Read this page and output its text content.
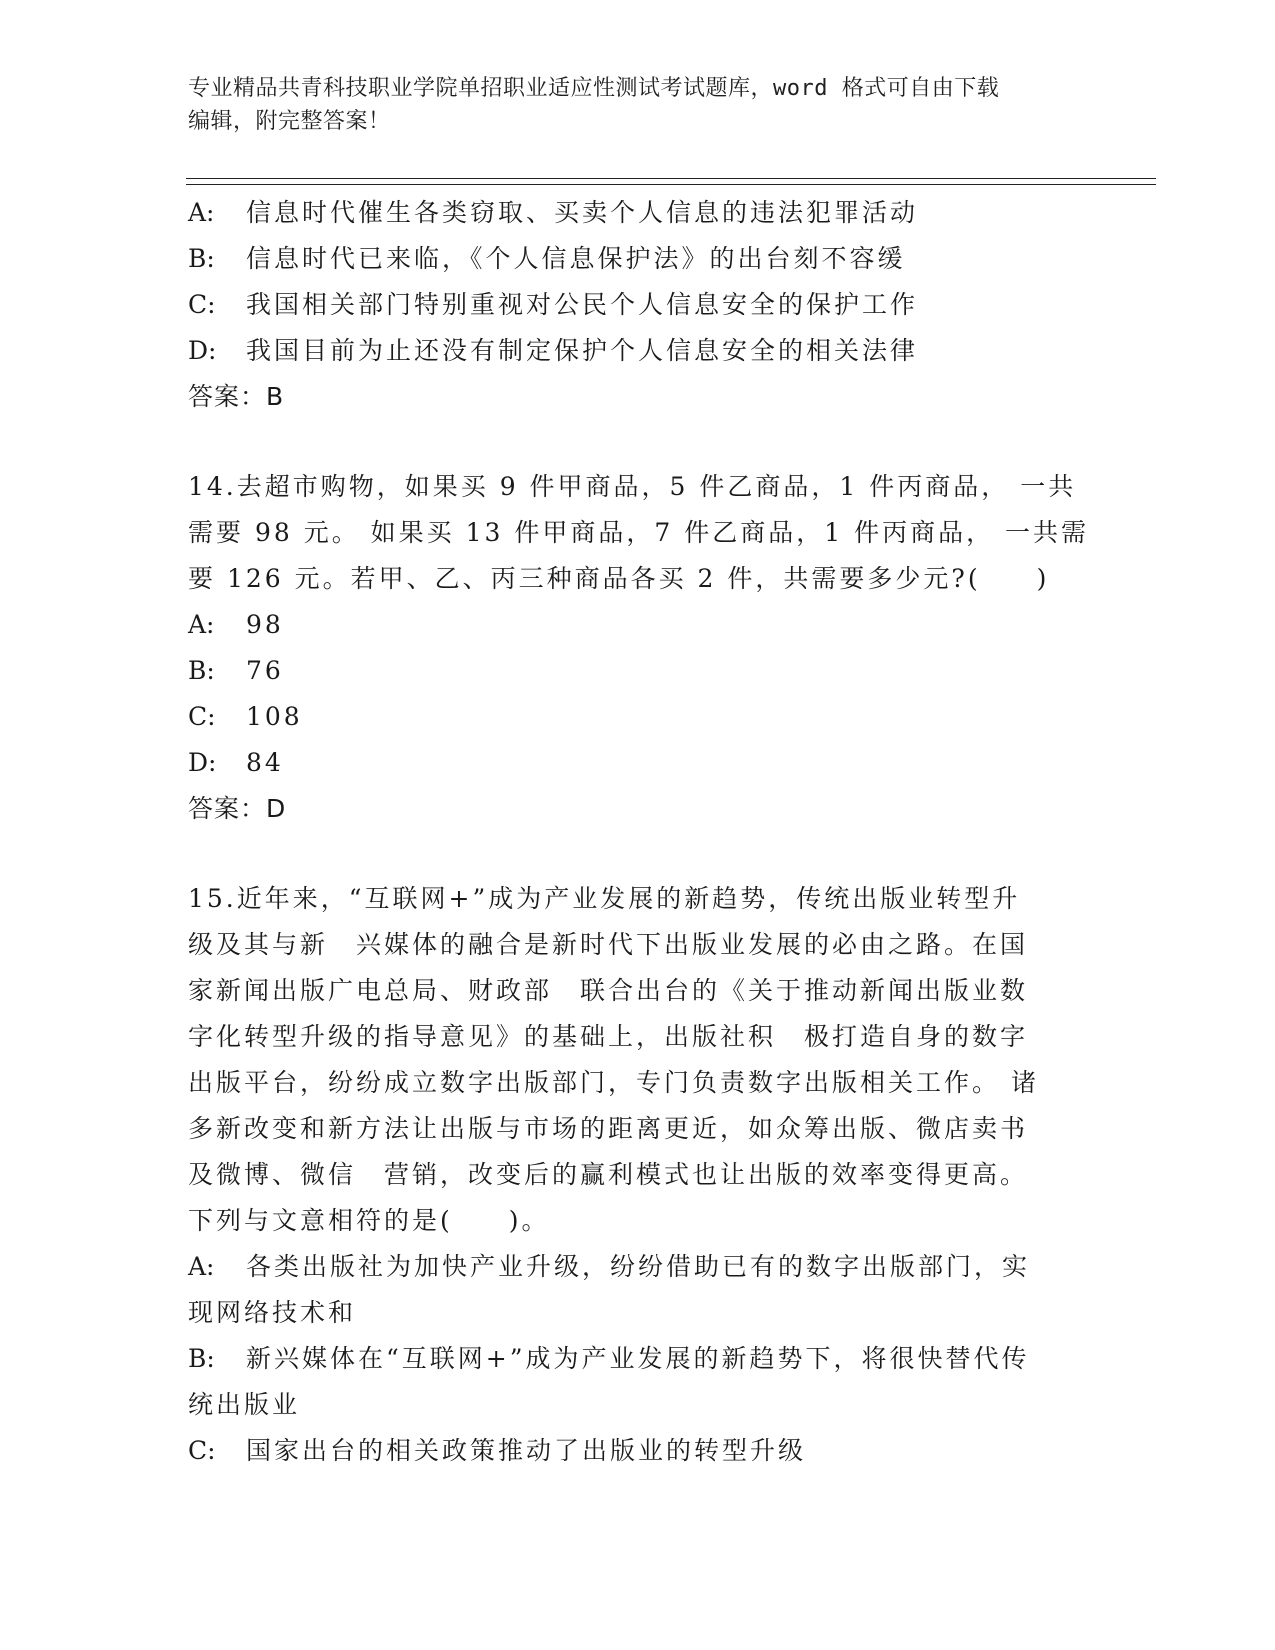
专业精品共青科技职业学院单招职业适应性测试考试题库，word 格式可自由下载
编辑，附完整答案！
A: 信息时代催生各类窃取、买卖个人信息的违法犯罪活动
B: 信息时代已来临，《个人信息保护法》的出台刻不容缓
C: 我国相关部门特别重视对公民个人信息安全的保护工作
D: 我国目前为止还没有制定保护个人信息安全的相关法律
答案：B
14.去超市购物，如果买 9 件甲商品，5 件乙商品，1 件丙商品， 一共
需要 98 元。 如果买 13 件甲商品，7 件乙商品，1 件丙商品， 一共需
要 126 元。若甲、乙、丙三种商品各买 2 件，共需要多少元?(　　)
A: 98
B: 76
C: 108
D: 84
答案：D
15.近年来，“互联网+”成为产业发展的新趋势，传统出版业转型升
级及其与新　兴媒体的融合是新时代下出版业发展的必由之路。在国
家新闻出版广电总局、财政部　联合出台的《关于推动新闻出版业数
字化转型升级的指导意见》的基础上，出版社积　极打造自身的数字
出版平台，纷纷成立数字出版部门，专门负责数字出版相关工作。 诸
多新改变和新方法让出版与市场的距离更近，如众筹出版、微店卖书
及微博、微信　营销，改变后的赢利模式也让出版的效率变得更高。
下列与文意相符的是(　　)。
A: 各类出版社为加快产业升级，纷纷借助已有的数字出版部门，实
现网络技术和
B: 新兴媒体在“互联网+”成为产业发展的新趋势下，将很快替代传
统出版业
C: 国家出台的相关政策推动了出版业的转型升级
